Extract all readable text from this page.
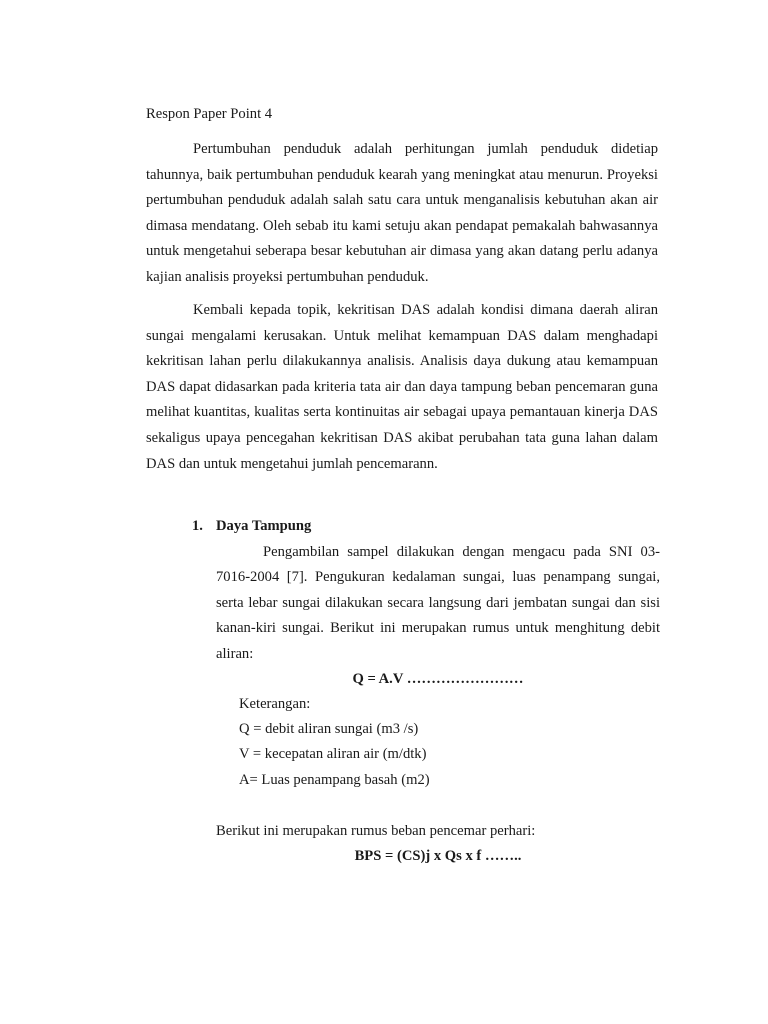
Respon Paper Point 4

Pertumbuhan penduduk adalah perhitungan jumlah penduduk didetiap tahunnya, baik pertumbuhan penduduk kearah yang meningkat atau menurun. Proyeksi pertumbuhan penduduk adalah salah satu cara untuk menganalisis kebutuhan akan air dimasa mendatang. Oleh sebab itu kami setuju akan pendapat pemakalah bahwasannya untuk mengetahui seberapa besar kebutuhan air dimasa yang akan datang perlu adanya kajian analisis proyeksi pertumbuhan penduduk.

Kembali kepada topik, kekritisan DAS adalah kondisi dimana daerah aliran sungai mengalami kerusakan. Untuk melihat kemampuan DAS dalam menghadapi kekritisan lahan perlu dilakukannya analisis. Analisis daya dukung atau kemampuan DAS dapat didasarkan pada kriteria tata air dan daya tampung beban pencemaran guna melihat kuantitas, kualitas serta kontinuitas air sebagai upaya pemantauan kinerja DAS sekaligus upaya pencegahan kekritisan DAS akibat perubahan tata guna lahan dalam DAS dan untuk mengetahui jumlah pencemarann.

1. Daya Tampung

Pengambilan sampel dilakukan dengan mengacu pada SNI 03-7016-2004 [7]. Pengukuran kedalaman sungai, luas penampang sungai, serta lebar sungai dilakukan secara langsung dari jembatan sungai dan sisi kanan-kiri sungai. Berikut ini merupakan rumus untuk menghitung debit aliran:

Q = A.V ……………………

Keterangan:
Q = debit aliran sungai (m3 /s)
V = kecepatan aliran air (m/dtk)
A= Luas penampang basah (m2)

Berikut ini merupakan rumus beban pencemar perhari:

BPS = (CS)j x Qs x f ……..
